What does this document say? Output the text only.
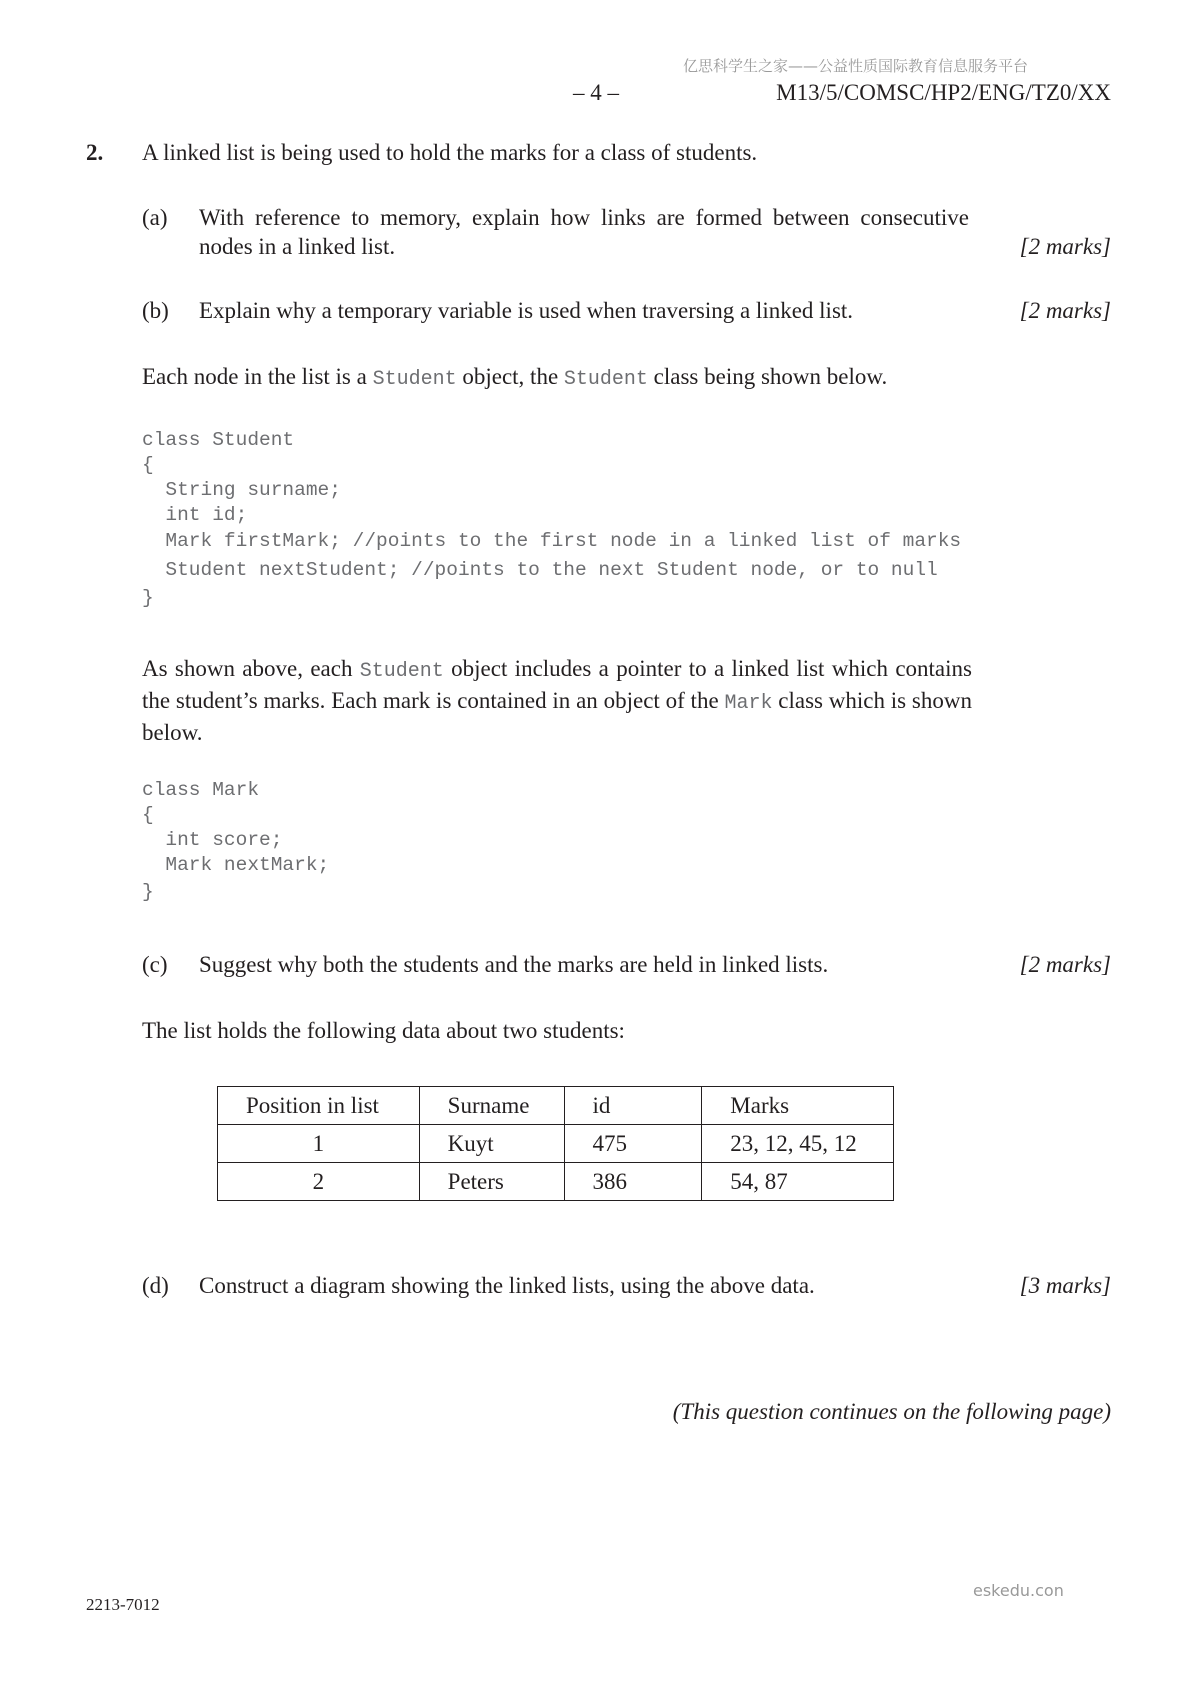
亿思科学生之家——公益性质国际教育信息服务平台
– 4 –	M13/5/COMSC/HP2/ENG/TZ0/XX
2. A linked list is being used to hold the marks for a class of students.
(a) With reference to memory, explain how links are formed between consecutive nodes in a linked list.	[2 marks]
(b) Explain why a temporary variable is used when traversing a linked list.	[2 marks]
Each node in the list is a Student object, the Student class being shown below.
class Student
{
String surname;
int id;
Mark firstMark; //points to the first node in a linked list of marks
Student nextStudent; //points to the next Student node, or to null
}
As shown above, each Student object includes a pointer to a linked list which contains the student’s marks. Each mark is contained in an object of the Mark class which is shown below.
class Mark
{
int score;
Mark nextMark;
}
(c) Suggest why both the students and the marks are held in linked lists.	[2 marks]
The list holds the following data about two students:
Position in list	Surname	id	Marks
1	Kuyt	475	23, 12, 45, 12
2	Peters	386	54, 87
(d) Construct a diagram showing the linked lists, using the above data.	[3 marks]
(This question continues on the following page)
eskedu.con
2213-7012
